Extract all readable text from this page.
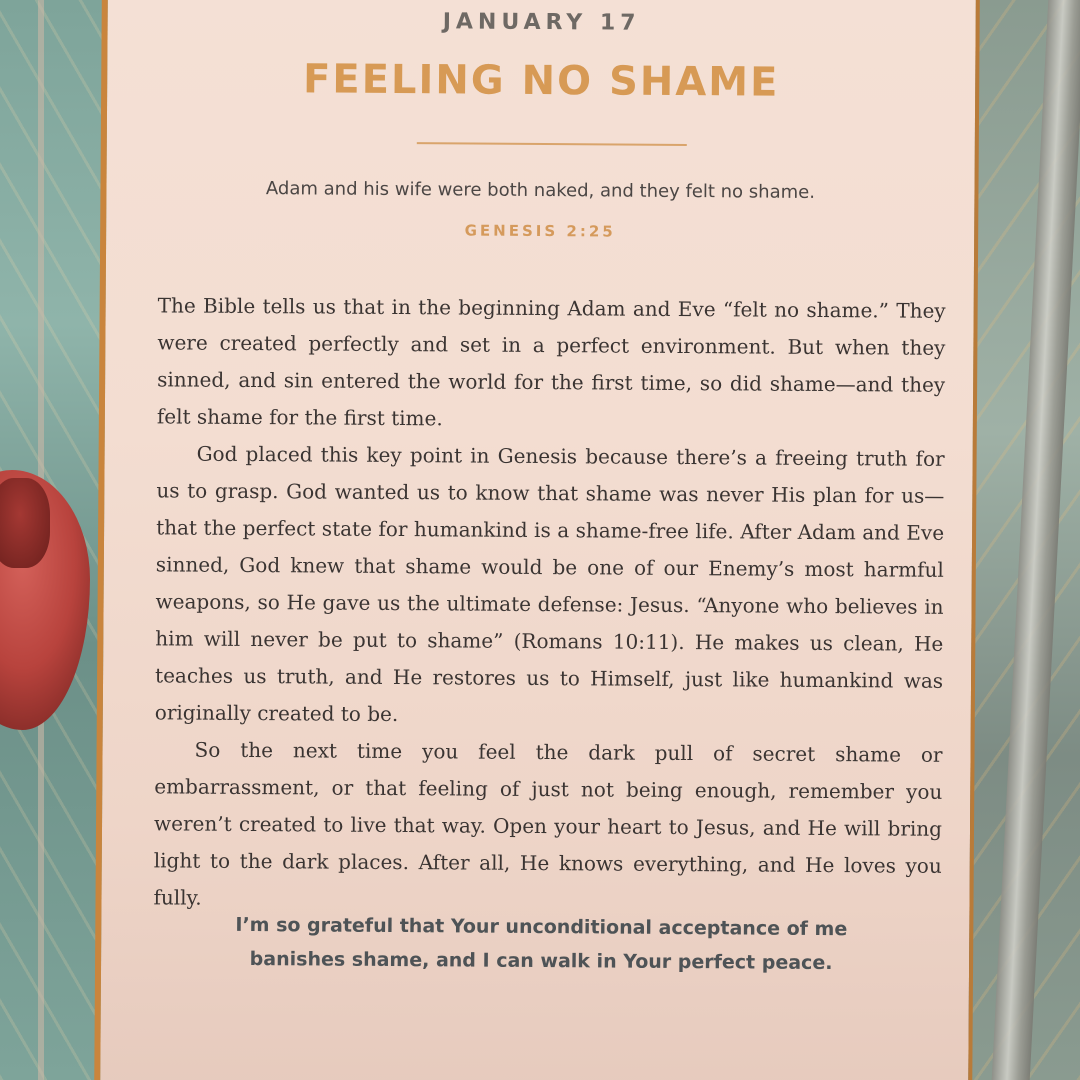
JANUARY 17
FEELING NO SHAME

Adam and his wife were both naked, and they felt no shame.

GENESIS 2:25

The Bible tells us that in the beginning Adam and Eve “felt no shame.” They were created perfectly and set in a perfect environment. But when they sinned, and sin entered the world for the first time, so did shame—and they felt shame for the first time.

God placed this key point in Genesis because there’s a freeing truth for us to grasp. God wanted us to know that shame was never His plan for us—that the perfect state for humankind is a shame-free life. After Adam and Eve sinned, God knew that shame would be one of our Enemy’s most harmful weapons, so He gave us the ultimate defense: Jesus. “Anyone who believes in him will never be put to shame” (Romans 10:11). He makes us clean, He teaches us truth, and He restores us to Himself, just like humankind was originally created to be.

So the next time you feel the dark pull of secret shame or embarrassment, or that feeling of just not being enough, remember you weren’t created to live that way. Open your heart to Jesus, and He will bring light to the dark places. After all, He knows everything, and He loves you fully.

I’m so grateful that Your unconditional acceptance of me banishes shame, and I can walk in Your perfect peace.
